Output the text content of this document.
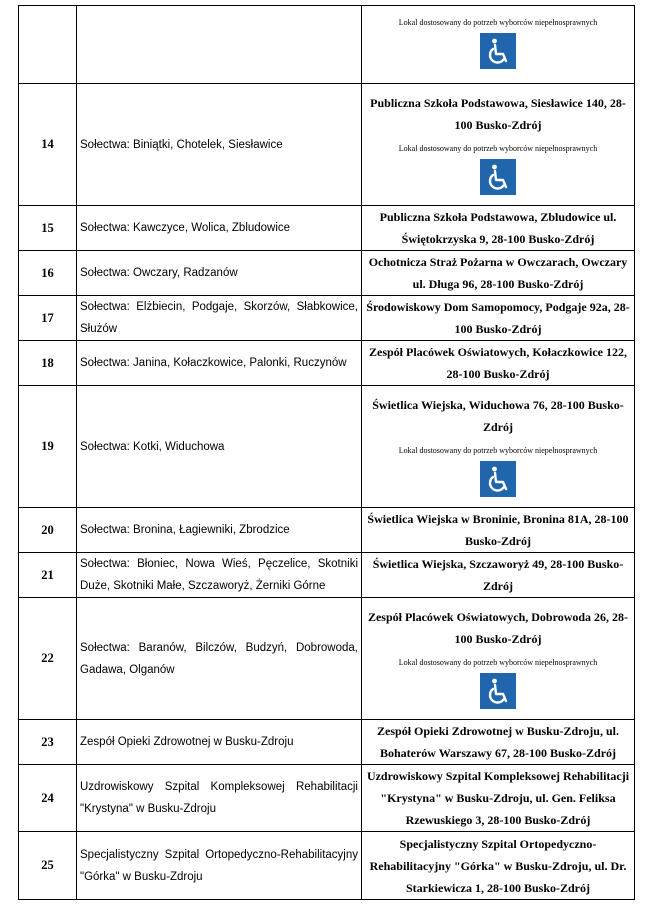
		Lokal dostosowany do potrzeb wyborców niepełnosprawnych

14	Sołectwa: Biniątki, Chotelek, Siesławice	Publiczna Szkoła Podstawowa, Siesławice 140, 28-100 Busko-Zdrój
Lokal dostosowany do potrzeb wyborców niepełnosprawnych

15	Sołectwa: Kawczyce, Wolica, Zbludowice	Publiczna Szkoła Podstawowa, Zbludowice ul. Świętokrzyska 9, 28-100 Busko-Zdrój

16	Sołectwa: Owczary, Radzanów	Ochotnicza Straż Pożarna w Owczarach, Owczary ul. Długa 96, 28-100 Busko-Zdrój

17	Sołectwa: Elżbiecin, Podgaje, Skorzów, Słabkowice, Służów	Środowiskowy Dom Samopomocy, Podgaje 92a, 28-100 Busko-Zdrój

18	Sołectwa: Janina, Kołaczkowice, Palonki, Ruczynów	Zespół Placówek Oświatowych, Kołaczkowice 122, 28-100 Busko-Zdrój

19	Sołectwa: Kotki, Widuchowa	Świetlica Wiejska, Widuchowa 76, 28-100 Busko-Zdrój
Lokal dostosowany do potrzeb wyborców niepełnosprawnych

20	Sołectwa: Bronina, Łagiewniki, Zbrodzice	Świetlica Wiejska w Broninie, Bronina 81A, 28-100 Busko-Zdrój

21	Sołectwa: Błoniec, Nowa Wieś, Pęczelice, Skotniki Duże, Skotniki Małe, Szczaworyż, Żerniki Górne	Świetlica Wiejska, Szczaworyż 49, 28-100 Busko-Zdrój

22	Sołectwa: Baranów, Bilczów, Budzyń, Dobrowoda, Gadawa, Olganów	Zespół Placówek Oświatowych, Dobrowoda 26, 28-100 Busko-Zdrój
Lokal dostosowany do potrzeb wyborców niepełnosprawnych

23	Zespół Opieki Zdrowotnej w Busku-Zdroju	Zespół Opieki Zdrowotnej w Busku-Zdroju, ul. Bohaterów Warszawy 67, 28-100 Busko-Zdrój

24	Uzdrowiskowy Szpital Kompleksowej Rehabilitacji "Krystyna" w Busku-Zdroju	Uzdrowiskowy Szpital Kompleksowej Rehabilitacji "Krystyna" w Busku-Zdroju, ul. Gen. Feliksa Rzewuskiego 3, 28-100 Busko-Zdrój

25	Specjalistyczny Szpital Ortopedyczno-Rehabilitacyjny "Górka" w Busku-Zdroju	Specjalistyczny Szpital Ortopedyczno-Rehabilitacyjny "Górka" w Busku-Zdroju, ul. Dr. Starkiewicza 1, 28-100 Busko-Zdrój
